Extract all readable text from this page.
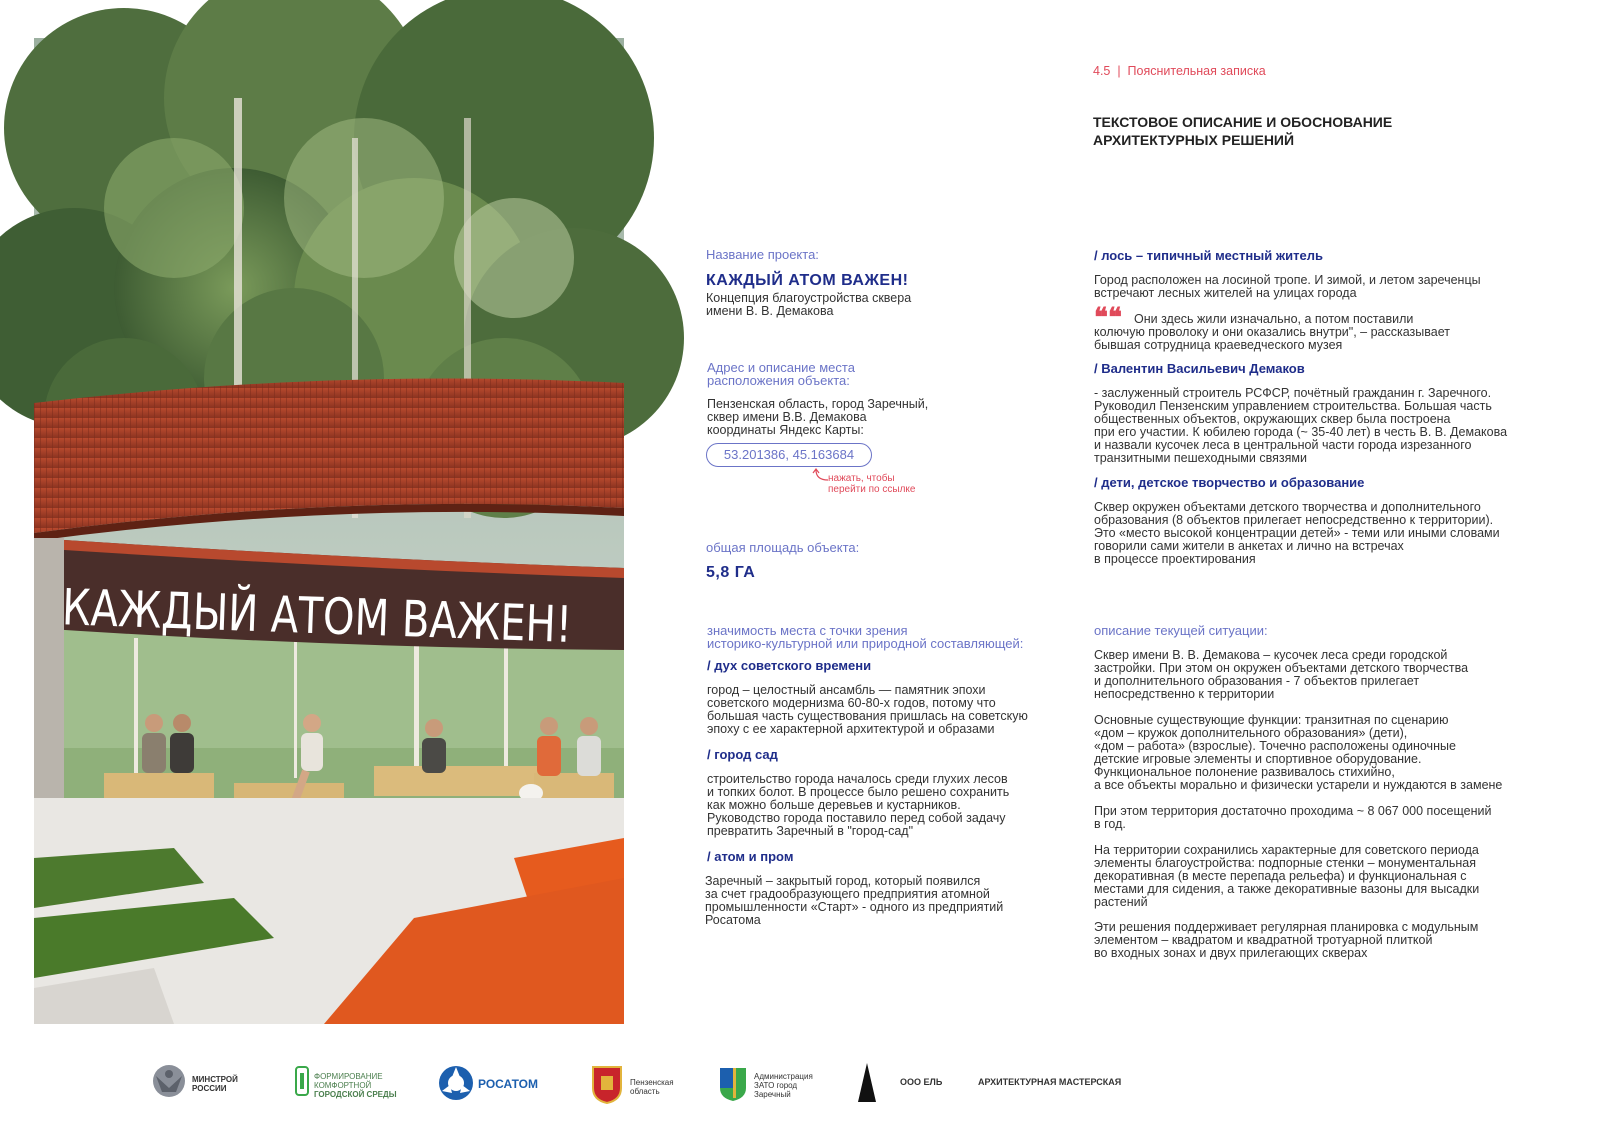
КАЖДЫЙ АТОМ ВАЖЕН!
4.5  |  Пояснительная записка
ТЕКСТОВОЕ ОПИСАНИЕ И ОБОСНОВАНИЕ
АРХИТЕКТУРНЫХ РЕШЕНИЙ
Название проекта:
КАЖДЫЙ АТОМ ВАЖЕН!
Концепция благоустройства сквера
имени В. В. Демакова
Адрес и описание места
расположения объекта:
Пензенская область, город Заречный,
сквер имени В.В. Демакова
координаты Яндекс Карты:
53.201386, 45.163684
нажать, чтобы
перейти по ссылке
общая площадь объекта:
5,8 ГА
значимость места с точки зрения
историко-культурной или природной составляющей:
/ дух советского времени
город – целостный ансамбль — памятник эпохи
советского модернизма 60-80-х годов, потому что
большая часть существования пришлась на советскую
эпоху с ее характерной архитектурой и образами
/ город сад
строительство города началось среди глухих лесов
и топких болот. В процессе было решено сохранить
как можно больше деревьев и кустарников.
Руководство города поставило перед собой задачу
превратить Заречный в "город-сад"
/ атом и пром
Заречный – закрытый город, который появился
за счет градообразующего предприятия атомной
промышленности «Старт» - одного из предприятий
Росатома
/ лось – типичный местный житель
Город расположен на лосиной тропе. И зимой, и летом зареченцы
встречают лесных жителей на улицах города
❝❝ Они здесь жили изначально, а потом поставили
колючую проволоку и они оказались внутри", – рассказывает
бывшая сотрудница краеведческого музея
/ Валентин Васильевич Демаков
- заслуженный строитель РСФСР, почётный гражданин г. Заречного.
Руководил Пензенским управлением строительства. Большая часть
общественных объектов, окружающих сквер была построена
при его участии. К юбилею города (~ 35-40 лет) в честь В. В. Демакова
и назвали кусочек леса в центральной части города изрезанного
транзитными пешеходными связями
/ дети, детское творчество и образование
Сквер окружен объектами детского творчества и дополнительного
образования (8 объектов прилегает непосредственно к территории).
Это «место высокой концентрации детей» - теми или иными словами
говорили сами жители в анкетах и лично на встречах
в процессе проектирования
описание текущей ситуации:
Сквер имени В. В. Демакова – кусочек леса среди городской
застройки. При этом он окружен объектами детского творчества
и дополнительного образования - 7 объектов прилегает
непосредственно к территории
Основные существующие функции: транзитная по сценарию
«дом – кружок дополнительного образования» (дети),
«дом – работа» (взрослые). Точечно расположены одиночные
детские игровые элементы и спортивное оборудование.
Функциональное полонение развивалось стихийно,
а все объекты морально и физически устарели и нуждаются в замене
При этом территория достаточно проходима ~ 8 067 000 посещений
в год.
На территории сохранились характерные для советского периода
элементы благоустройства: подпорные стенки – монументальная
декоративная (в месте перепада рельефа) и функциональная с
местами для сидения, а также декоративные вазоны для высадки
растений
Эти решения поддерживает регулярная планировка с модульным
элементом – квадратом и квадратной тротуарной плиткой
во входных зонах и двух прилегающих скверах
МИНСТРОЙ
РОССИИ
ФОРМИРОВАНИЕ
КОМФОРТНОЙ
ГОРОДСКОЙ СРЕДЫ
РОСАТОМ	Пензенская
область
Администрация
ЗАТО город
Заречный
ООО ЕЛЬ	АРХИТЕКТУРНАЯ МАСТЕРСКАЯ
